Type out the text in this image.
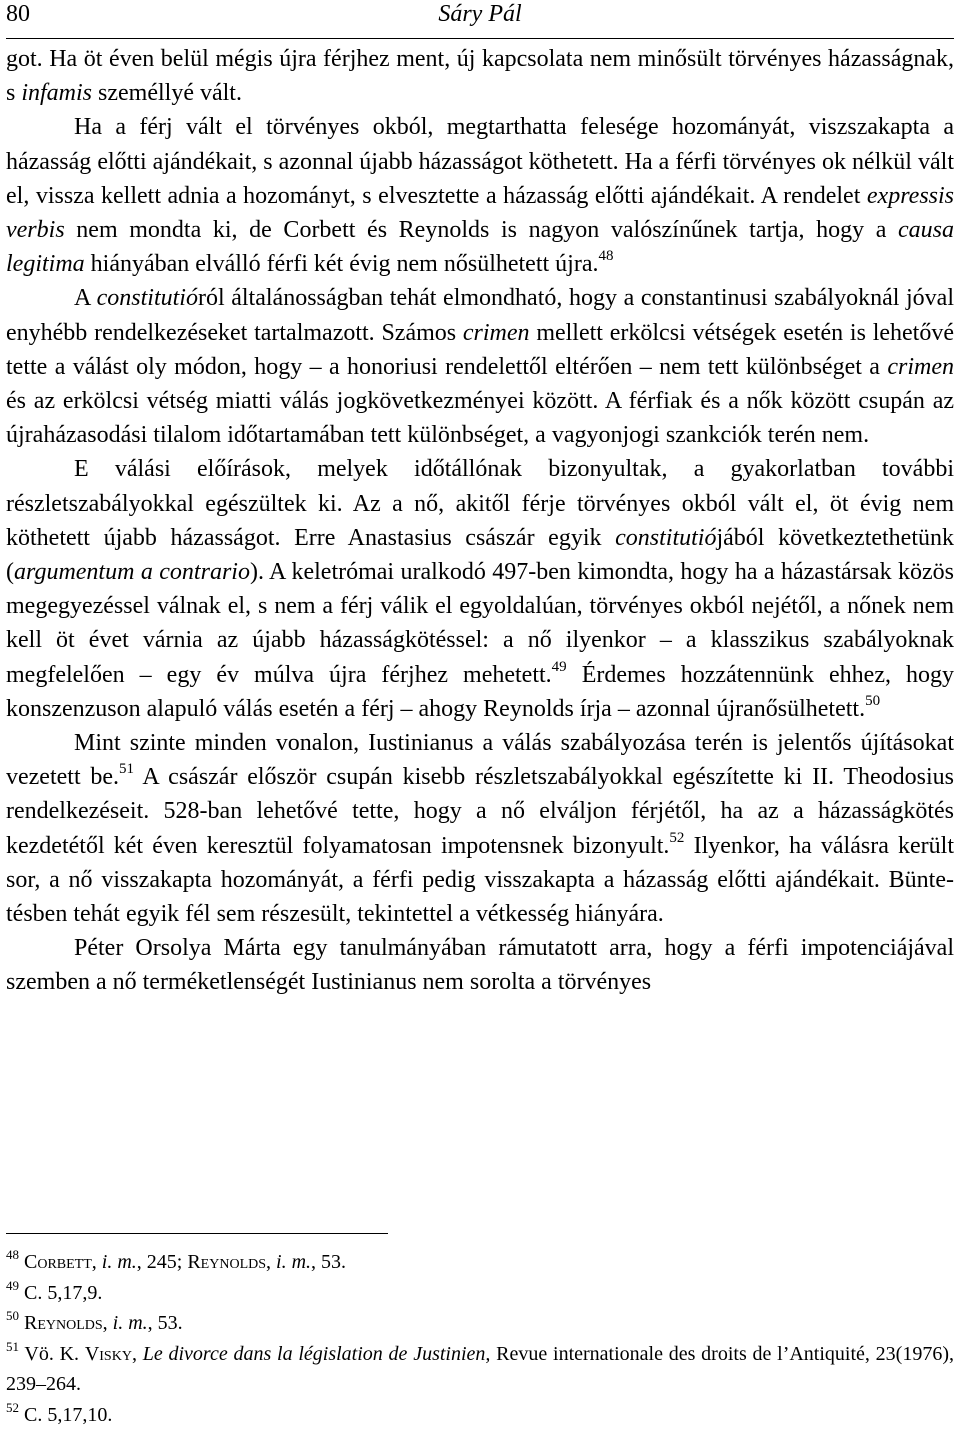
80	Sáry Pál

got. Ha öt éven belül mégis újra férjhez ment, új kapcsolata nem minősült törvényes házasságnak, s infamis személlyé vált.

Ha a férj vált el törvényes okból, megtarthatta felesége hozományát, viszszakapta a házasság előtti ajándékait, s azonnal újabb házasságot köthetett. Ha a férfi törvényes ok nélkül vált el, vissza kellett adnia a hozományt, s elvesztette a házasság előtti ajándékait. A rendelet expressis verbis nem mondta ki, de Corbett és Reynolds is nagyon valószínűnek tartja, hogy a causa legitima hiányában elválló férfi két évig nem nősülhetett újra.$^{48}$

A constitutióról általánosságban tehát elmondható, hogy a constantinusi szabályoknál jóval enyhébb rendelkezéseket tartalmazott. Számos crimen mellett erkölcsi vétségek esetén is lehetővé tette a válást oly módon, hogy – a honoriusi rendelettől eltérően – nem tett különbséget a crimen és az erkölcsi vétség miatti válás jogkövetkezményei között. A férfiak és a nők között csupán az újraházasodási tilalom időtartamában tett különbséget, a vagyonjogi szankciók terén nem.

E válási előírások, melyek időtállónak bizonyultak, a gyakorlatban további részletszabályokkal egészültek ki. Az a nő, akitől férje törvényes okból vált el, öt évig nem köthetett újabb házasságot. Erre Anastasius császár egyik constitutiójából következtethetünk (argumentum a contrario). A keletrómai uralkodó 497-ben kimondta, hogy ha a házastársak közös megegyezéssel válnak el, s nem a férj válik el egyoldalúan, törvényes okból nejétől, a nőnek nem kell öt évet várnia az újabb házasságkötéssel: a nő ilyenkor – a klasszikus szabályoknak megfelelően – egy év múlva újra férjhez mehetett.$^{49}$ Érdemes hozzátennünk ehhez, hogy konszenzuson alapuló válás esetén a férj – ahogy Reynolds írja – azonnal újranősülhetett.$^{50}$

Mint szinte minden vonalon, Iustinianus a válás szabályozása terén is jelentős újításokat vezetett be.$^{51}$ A császár először csupán kisebb részletszabályokkal egészítette ki II. Theodosius rendelkezéseit. 528-ban lehetővé tette, hogy a nő elváljon férjétől, ha az a házasságkötés kezdetétől két éven keresztül folyamatosan impotensnek bizonyult.$^{52}$ Ilyenkor, ha válásra került sor, a nő visszakapta hozományát, a férfi pedig visszakapta a házasság előtti ajándékait. Büntetésben tehát egyik fél sem részesült, tekintettel a vétkesség hiányára.

Péter Orsolya Márta egy tanulmányában rámutatott arra, hogy a férfi impotenciájával szemben a nő terméketlenségét Iustinianus nem sorolta a törvényes

$^{48}$ Corbett, i. m., 245; Reynolds, i. m., 53.

$^{49}$ C. 5,17,9.

$^{50}$ Reynolds, i. m., 53.

$^{51}$ Vö. K. Visky, Le divorce dans la législation de Justinien, Revue internationale des droits de l’Antiquité, 23(1976), 239–264.

$^{52}$ C. 5,17,10.
